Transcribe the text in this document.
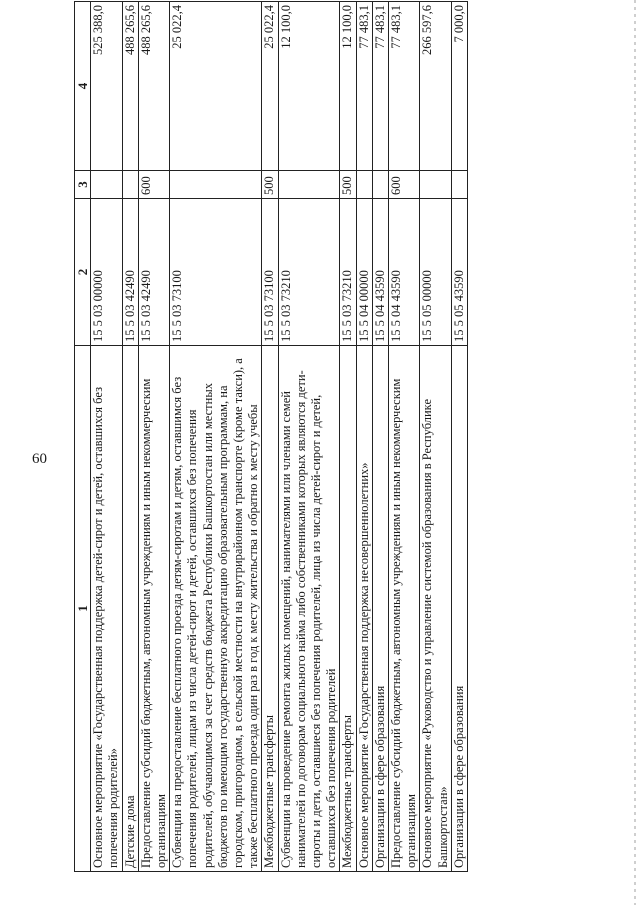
60
1	2	3	4
Основное мероприятие «Государственная поддержка детей-сирот и детей, оставшихся без попечения родителей»	15 5 03 00000		525 388,0
Детские дома	15 5 03 42490		488 265,6
Предоставление субсидий бюджетным, автономным учреждениям и иным некоммерческим организациям	15 5 03 42490	600	488 265,6
Субвенции на предоставление бесплатного проезда детям-сиротам и детям, оставшимся без попечения родителей, лицам из числа детей-сирот и детей, оставшихся без попечения родителей, обучающимся за счет средств бюджета Республики Башкортостан или местных бюджетов по имеющим государственную аккредитацию образовательным программам, на городском, пригородном, в сельской местности на внутрирайонном транспорте (кроме такси), а также бесплатного проезда один раз в год к месту жительства и обратно к месту учебы	15 5 03 73100		25 022,4
Межбюджетные трансферты	15 5 03 73100	500	25 022,4
Субвенции на проведение ремонта жилых помещений, нанимателями или членами семей нанимателей по договорам социального найма либо собственниками которых являются дети-сироты и дети, оставшиеся без попечения родителей, лица из числа детей-сирот и детей, оставшихся без попечения родителей	15 5 03 73210		12 100,0
Межбюджетные трансферты	15 5 03 73210	500	12 100,0
Основное мероприятие «Государственная поддержка несовершеннолетних»	15 5 04 00000		77 483,1
Организации в сфере образования	15 5 04 43590		77 483,1
Предоставление субсидий бюджетным, автономным учреждениям и иным некоммерческим организациям	15 5 04 43590	600	77 483,1
Основное мероприятие «Руководство и управление системой образования в Республике Башкортостан»	15 5 05 00000		266 597,6
Организации в сфере образования	15 5 05 43590		7 000,0
